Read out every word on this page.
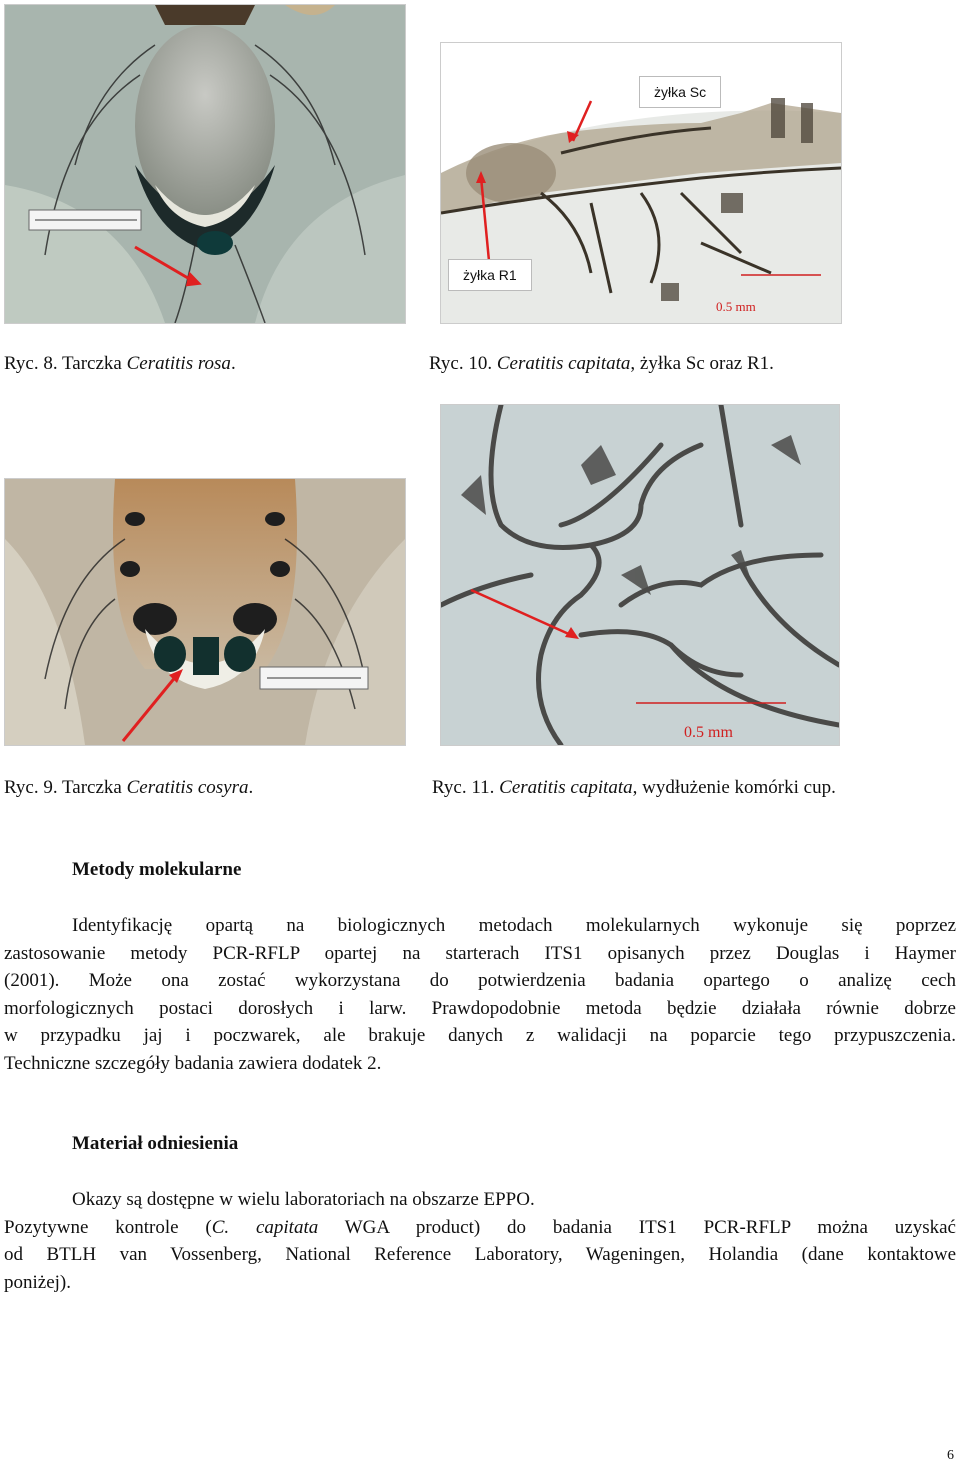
żyłka Sc
żyłka R1
0.5 mm
Ryc. 8. Tarczka Ceratitis rosa.	Ryc. 10. Ceratitis capitata, żyłka Sc oraz R1.
0.5 mm
Ryc. 9. Tarczka Ceratitis cosyra.	Ryc. 11. Ceratitis capitata, wydłużenie komórki cup.
Metody molekularne
Identyfikację opartą na biologicznych metodach molekularnych wykonuje się poprzez
zastosowanie metody PCR-RFLP opartej na starterach ITS1 opisanych przez Douglas i Haymer
(2001). Może ona zostać wykorzystana do potwierdzenia badania opartego o analizę cech
morfologicznych postaci dorosłych i larw. Prawdopodobnie metoda będzie działała równie dobrze
w przypadku jaj i poczwarek, ale brakuje danych z walidacji na poparcie tego przypuszczenia.
Techniczne szczegóły badania zawiera dodatek 2.
Materiał odniesienia
Okazy są dostępne w wielu laboratoriach na obszarze EPPO.
Pozytywne kontrole (C. capitata WGA product) do badania ITS1 PCR-RFLP można uzyskać
od BTLH van Vossenberg, National Reference Laboratory, Wageningen, Holandia (dane kontaktowe
poniżej).
6
